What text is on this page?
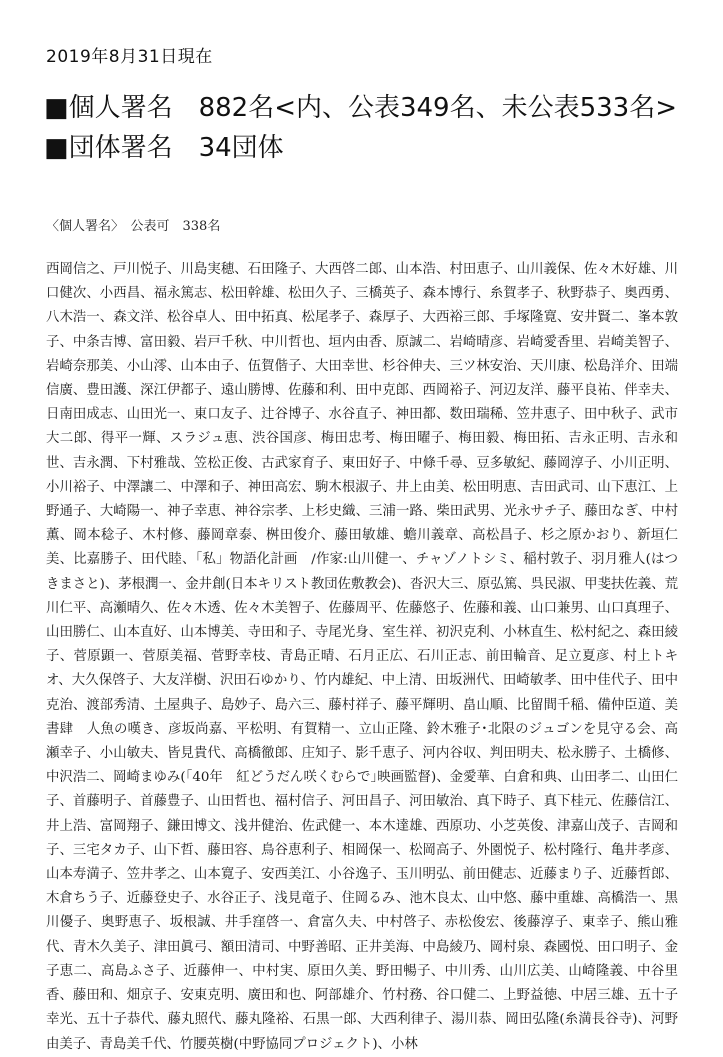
2019年8月31日現在
■個人署名　882名<内、公表349名、未公表533名>
■団体署名　34団体
〈個人署名〉　公表可　338名
西岡信之、戸川悦子、川島実穂、石田隆子、大西啓二郎、山本浩、村田恵子、山川義保、佐々木好雄、川口健次、小西昌、福永篤志、松田幹雄、松田久子、三橋英子、森本博行、糸賀孝子、秋野恭子、奥西勇、八木浩一、森文洋、松谷卓人、田中拓真、松尾孝子、森厚子、大西裕三郎、手塚隆寛、安井賢二、峯本敦子、中条吉博、富田毅、岩戸千秋、中川哲也、垣内由香、原誠二、岩崎晴彦、岩崎愛香里、岩崎美智子、岩崎奈那美、小山澪、山本由子、伍賀偕子、大田幸世、杉谷伸夫、三ツ林安治、天川康、松島洋介、田端信廣、豊田護、深江伊都子、遠山勝博、佐藤和利、田中克郎、西岡裕子、河辺友洋、藤平良祐、伴幸夫、日南田成志、山田光一、東口友子、辻谷博子、水谷直子、神田都、数田瑞稀、笠井恵子、田中秋子、武市大二郎、得平一輝、スラジュ恵、渋谷国彦、梅田忠考、梅田曜子、梅田毅、梅田拓、吉永正明、吉永和世、吉永潤、下村雅哉、笠松正俊、古武家育子、東田好子、中條千尋、豆多敏紀、藤岡淳子、小川正明、小川裕子、中澤讓二、中澤和子、神田高宏、駒木根淑子、井上由美、松田明恵、吉田武司、山下恵江、上野通子、大崎陽一、神子幸恵、神谷宗孝、上杉史織、三浦一路、柴田武男、光永サチ子、藤田なぎ、中村薫、岡本稔子、木村修、藤岡章泰、桝田俊介、藤田敏雄、蟾川義章、高松昌子、杉之原かおり、新垣仁美、比嘉勝子、田代睦、「私」物語化計画　/作家:山川健一、チャゾノトシミ、稲村敦子、羽月雅人(はつきまさと)、茅根潤一、金井創(日本キリスト教団佐敷教会)、沓沢大三、原弘篤、呉民淑、甲斐扶佐義、荒川仁平、高瀬晴久、佐々木透、佐々木美智子、佐藤周平、佐藤悠子、佐藤和義、山口兼男、山口真理子、山田勝仁、山本直好、山本博美、寺田和子、寺尾光身、室生祥、初沢克利、小林直生、松村紀之、森田綾子、菅原顕一、菅原美福、菅野幸枝、青島正晴、石月正広、石川正志、前田輪音、足立夏彦、村上トキオ、大久保啓子、大友洋樹、沢田石ゆかり、竹内雄紀、中上清、田坂洲代、田崎敏孝、田中佳代子、田中克治、渡部秀清、土屋典子、島妙子、島六三、藤村祥子、藤平輝明、畠山順、比留間千稲、備仲臣道、美書肆　人魚の嘆き、彦坂尚嘉、平松明、有賀精一、立山正隆、鈴木雅子･北限のジュゴンを見守る会、高瀬幸子、小山敏夫、皆見貴代、高橋徹郎、庄知子、影千恵子、河内谷収、判田明夫、松永勝子、土橋修、中沢浩二、岡崎まゆみ(｢40年　紅どうだん咲くむらで｣映画監督)、金愛華、白倉和典、山田孝二、山田仁子、首藤明子、首藤豊子、山田哲也、福村信子、河田昌子、河田敏治、真下時子、真下桂元、佐藤信江、井上浩、富岡翔子、鎌田博文、浅井健治、佐武健一、本木達雄、西原功、小芝英俊、津嘉山茂子、吉岡和子、三宅タカ子、山下哲、藤田容、鳥谷恵利子、相岡保一、松岡高子、外園悦子、松村隆行、亀井孝彦、山本寿満子、笠井孝之、山本寛子、安西美江、小谷逸子、玉川明弘、前田健志、近藤まり子、近藤哲郎、木倉ちう子、近藤登史子、水谷正子、浅見竜子、住岡るみ、池木良太、山中悠、藤中重雄、高橋浩一、黒川優子、奥野恵子、坂根誠、井手窪啓一、倉富久夫、中村啓子、赤松俊宏、後藤淳子、東幸子、熊山雅代、青木久美子、津田眞弓、額田清司、中野善昭、正井美海、中島綾乃、岡村泉、森國悦、田口明子、金子恵二、高島ふさ子、近藤伸一、中村実、原田久美、野田暢子、中川秀、山川広美、山崎隆義、中谷里香、藤田和、畑京子、安東克明、廣田和也、阿部雄介、竹村務、谷口健二、上野益徳、中居三雄、五十子幸光、五十子恭代、藤丸照代、藤丸隆裕、石黒一郎、大西利律子、湯川恭、岡田弘隆(糸満長谷寺)、河野由美子、青島美千代、竹腰英樹(中野協同プロジェクト)、小林
